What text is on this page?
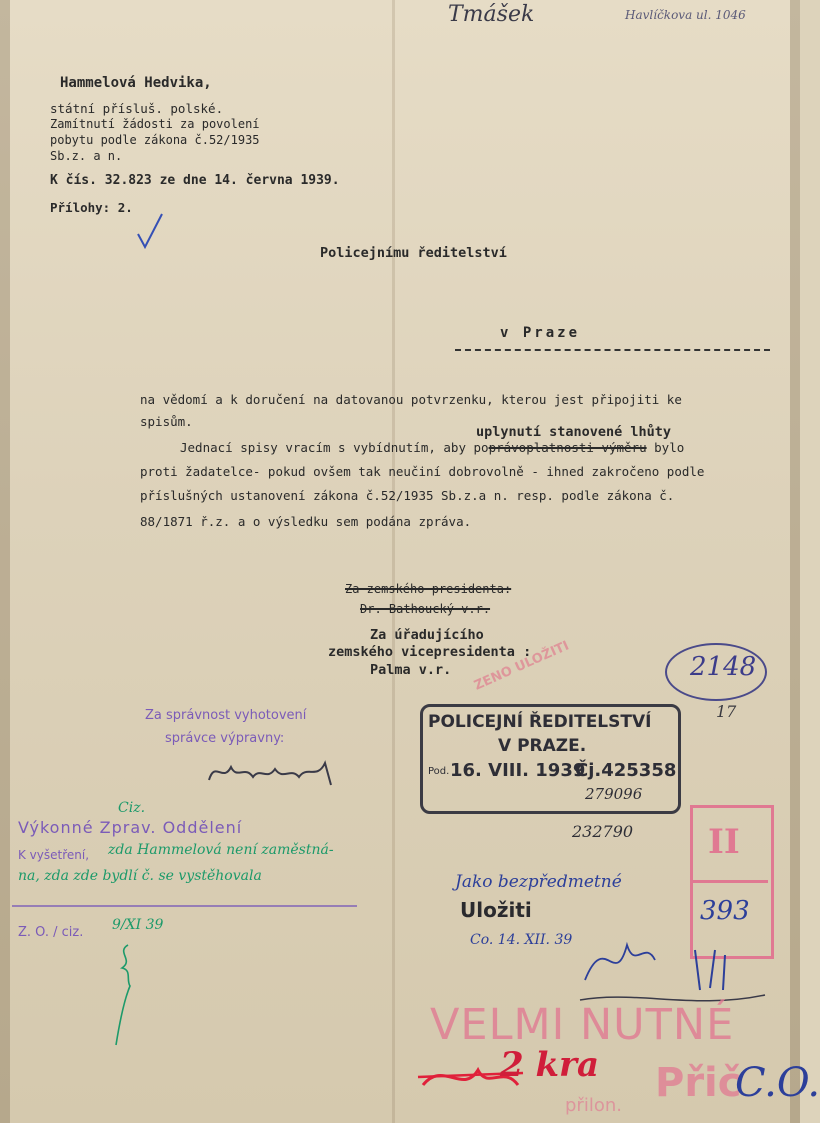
Tmášek	Havlíčkova ul. 1046
Hammelová Hedvika,
státní přísluš. polské.
Zamítnutí žádosti za povolení
pobytu podle zákona č.52/1935
Sb.z. a n.
K čís. 32.823 ze dne 14. června 1939.
Přílohy: 2.
Policejnímu ředitelství
v Praze
na vědomí a k doručení na datovanou potvrzenku, kterou jest připojiti ke
spisům.
uplynutí stanovené lhůty
Jednací spisy vracím s vybídnutím, aby poprávoplatnosti výměru bylo
proti žadatelce- pokud ovšem tak neučiní dobrovolně - ihned zakročeno podle
příslušných ustanovení zákona č.52/1935 Sb.z.a n. resp. podle zákona č.
88/1871 ř.z. a o výsledku sem podána zpráva.
Za zemského presidenta:
Dr. Bathoucký v.r.
Za úřadujícího
zemského vicepresidenta :
Palma v.r. ZENO ULOŽITI	2148
17
Za správnost vyhotovení
správce výpravny:
POLICEJNÍ ŘEDITELSTVÍ
V PRAZE.
Pod. 16. VIII. 1939
Čj.425358
279096
232790
Ciz.
Výkonné Zprav. Oddělení
K vyšetření, zda Hammelová není zaměstná-
na, zda zde bydlí č. se vystěhovala
Z. O. / ciz. 9/XI 39
II
393
Jako bezpředmetné
Uložiti
Co. 14. XII. 39
VELMI NUTNÉ
Přič
přilon.
2 kra	C.O.
